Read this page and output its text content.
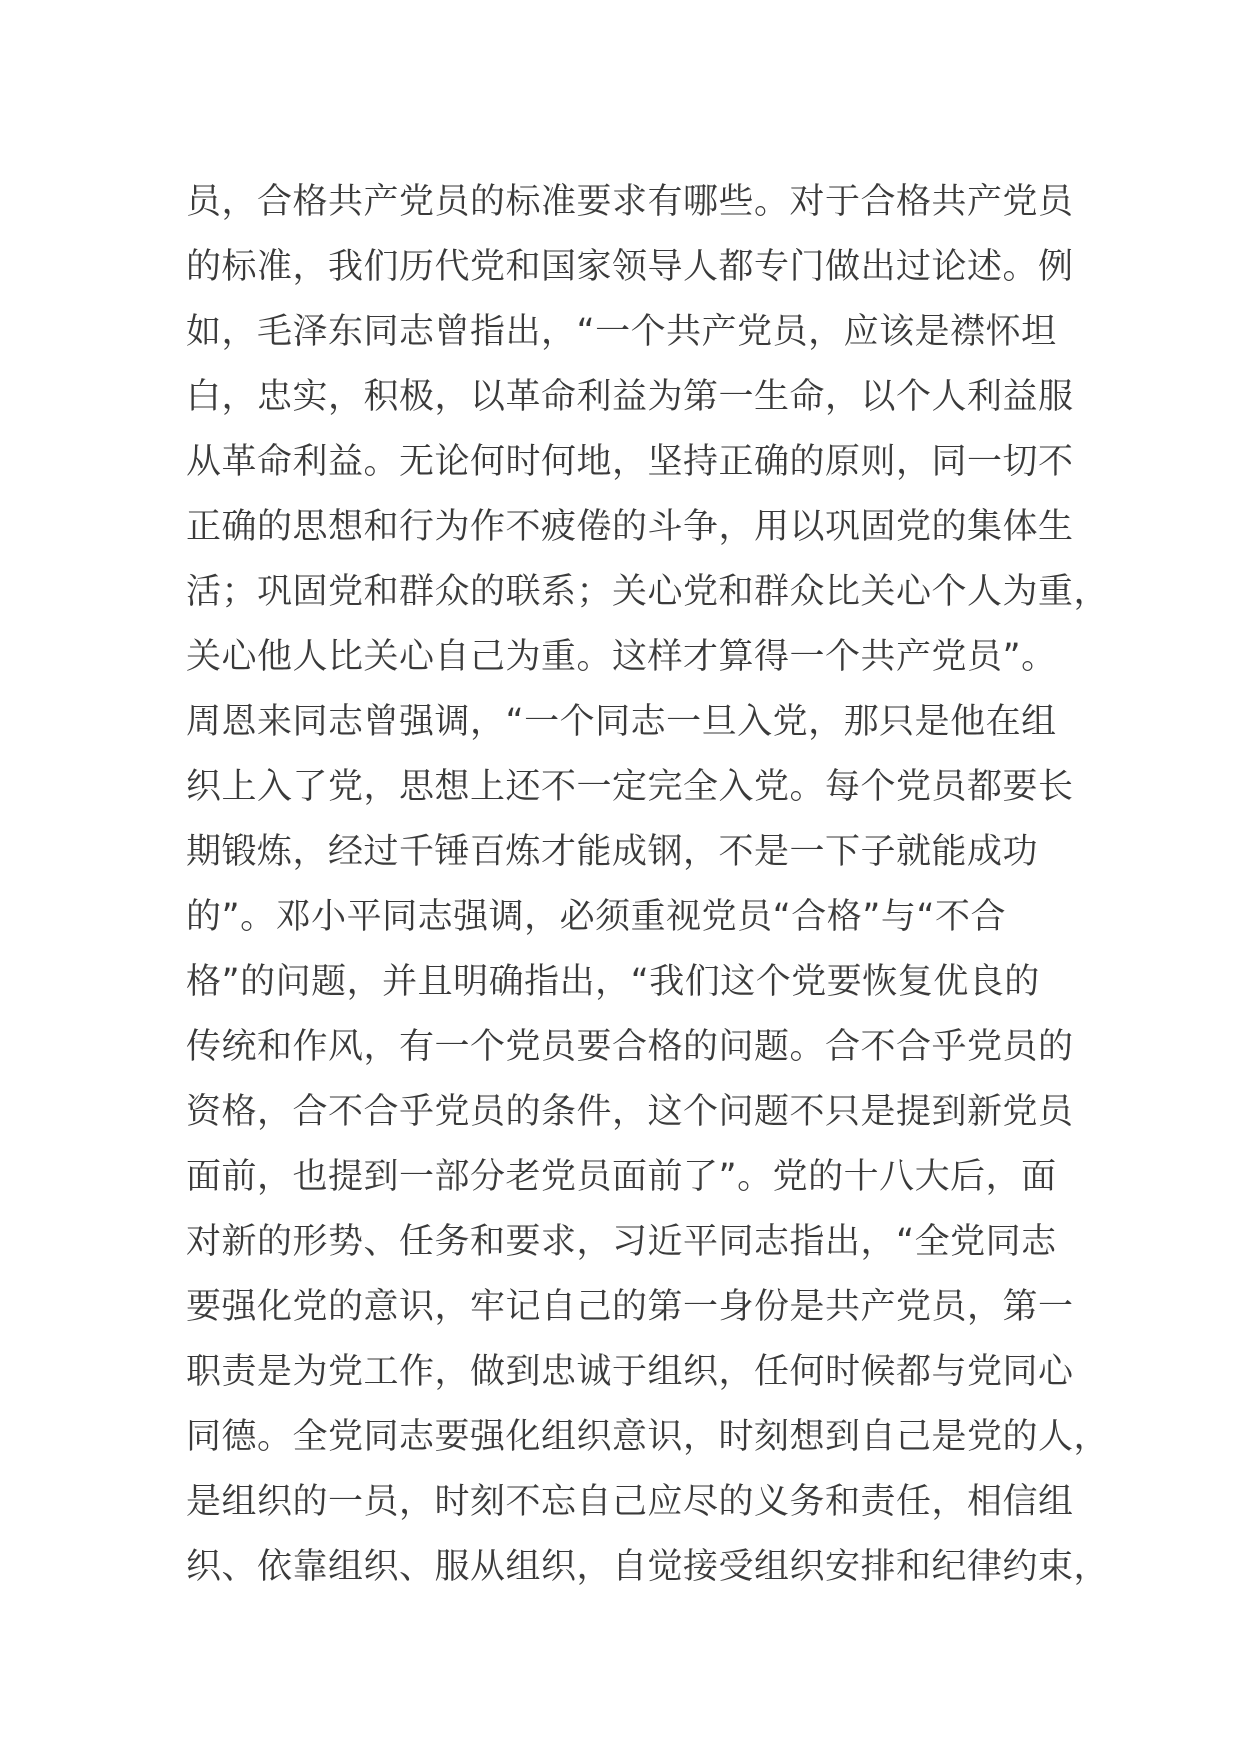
员，合格共产党员的标准要求有哪些。对于合格共产党员
的标准，我们历代党和国家领导人都专门做出过论述。例
如，毛泽东同志曾指出，“一个共产党员，应该是襟怀坦
白，忠实，积极，以革命利益为第一生命，以个人利益服
从革命利益。无论何时何地，坚持正确的原则，同一切不
正确的思想和行为作不疲倦的斗争，用以巩固党的集体生
活；巩固党和群众的联系；关心党和群众比关心个人为重，
关心他人比关心自己为重。这样才算得一个共产党员”。
周恩来同志曾强调，“一个同志一旦入党，那只是他在组
织上入了党，思想上还不一定完全入党。每个党员都要长
期锻炼，经过千锤百炼才能成钢，不是一下子就能成功
的”。邓小平同志强调，必须重视党员“合格”与“不合
格”的问题，并且明确指出，“我们这个党要恢复优良的
传统和作风，有一个党员要合格的问题。合不合乎党员的
资格，合不合乎党员的条件，这个问题不只是提到新党员
面前，也提到一部分老党员面前了”。党的十八大后，面
对新的形势、任务和要求，习近平同志指出，“全党同志
要强化党的意识，牢记自己的第一身份是共产党员，第一
职责是为党工作，做到忠诚于组织，任何时候都与党同心
同德。全党同志要强化组织意识，时刻想到自己是党的人，
是组织的一员，时刻不忘自己应尽的义务和责任，相信组
织、依靠组织、服从组织，自觉接受组织安排和纪律约束，
